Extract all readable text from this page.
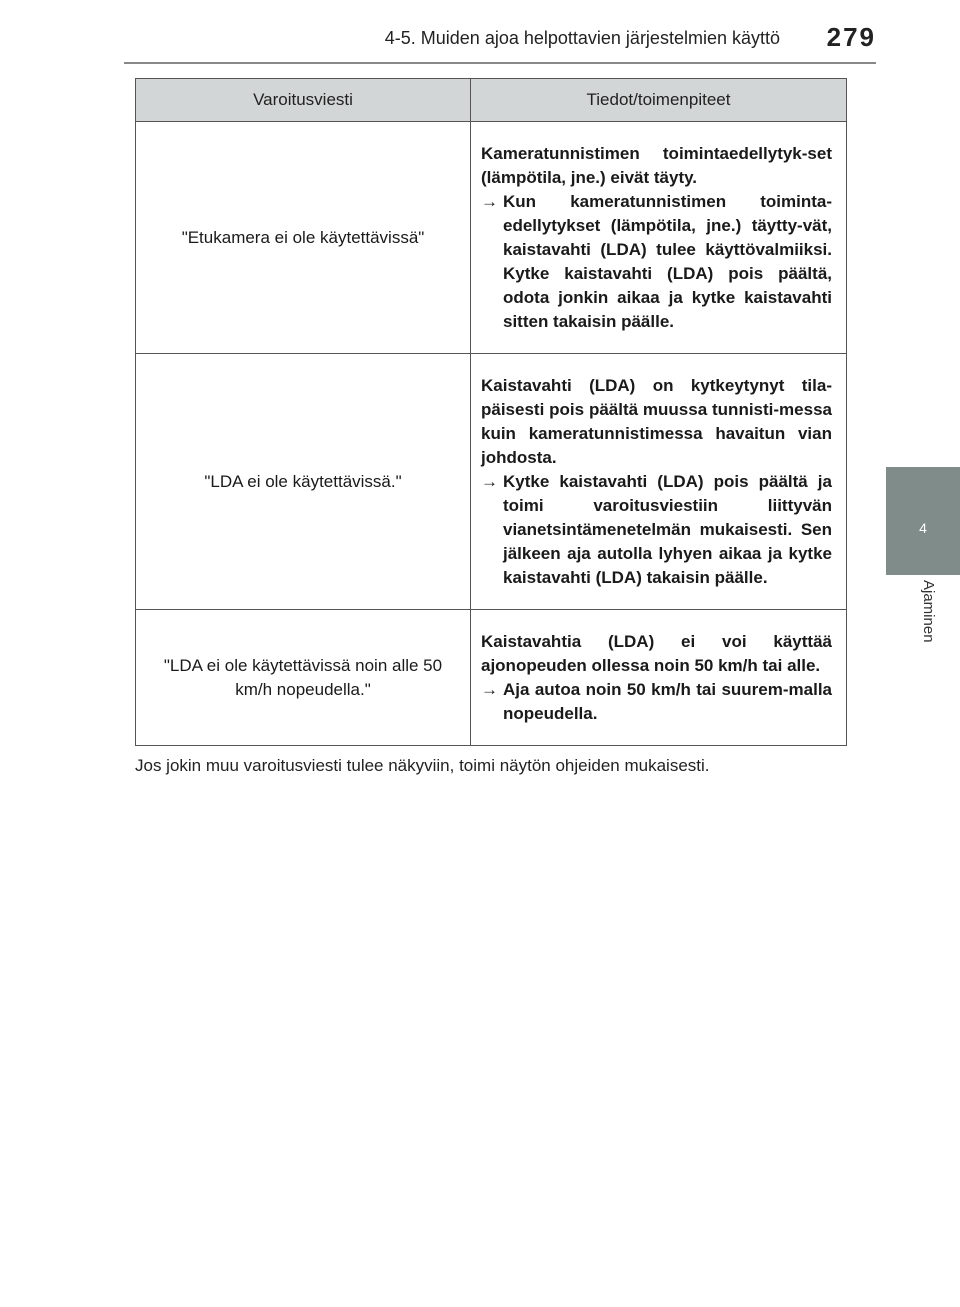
4-5. Muiden ajoa helpottavien järjestelmien käyttö 279
4
Ajaminen
Varoitusviesti	Tiedot/toimenpiteet
"Etukamera ei ole käytettävissä"	Kameratunnistimen toimintaedellytyk-set (lämpötila, jne.) eivät täyty.
→ Kun kameratunnistimen toiminta-edellytykset (lämpötila, jne.) täytty-vät, kaistavahti (LDA) tulee käyttövalmiiksi. Kytke kaistavahti (LDA) pois päältä, odota jonkin aikaa ja kytke kaistavahti sitten takaisin päälle.

"LDA ei ole käytettävissä."	Kaistavahti (LDA) on kytkeytynyt tila-päisesti pois päältä muussa tunnisti-messa kuin kameratunnistimessa havaitun vian johdosta.
→ Kytke kaistavahti (LDA) pois päältä ja toimi varoitusviestiin liittyvän vianetsintämenetelmän mukaisesti. Sen jälkeen aja autolla lyhyen aikaa ja kytke kaistavahti (LDA) takaisin päälle.

"LDA ei ole käytettävissä noin alle 50 km/h nopeudella."	Kaistavahtia (LDA) ei voi käyttää ajonopeuden ollessa noin 50 km/h tai alle.
→ Aja autoa noin 50 km/h tai suurem-malla nopeudella.
Jos jokin muu varoitusviesti tulee näkyviin, toimi näytön ohjeiden mukaisesti.
